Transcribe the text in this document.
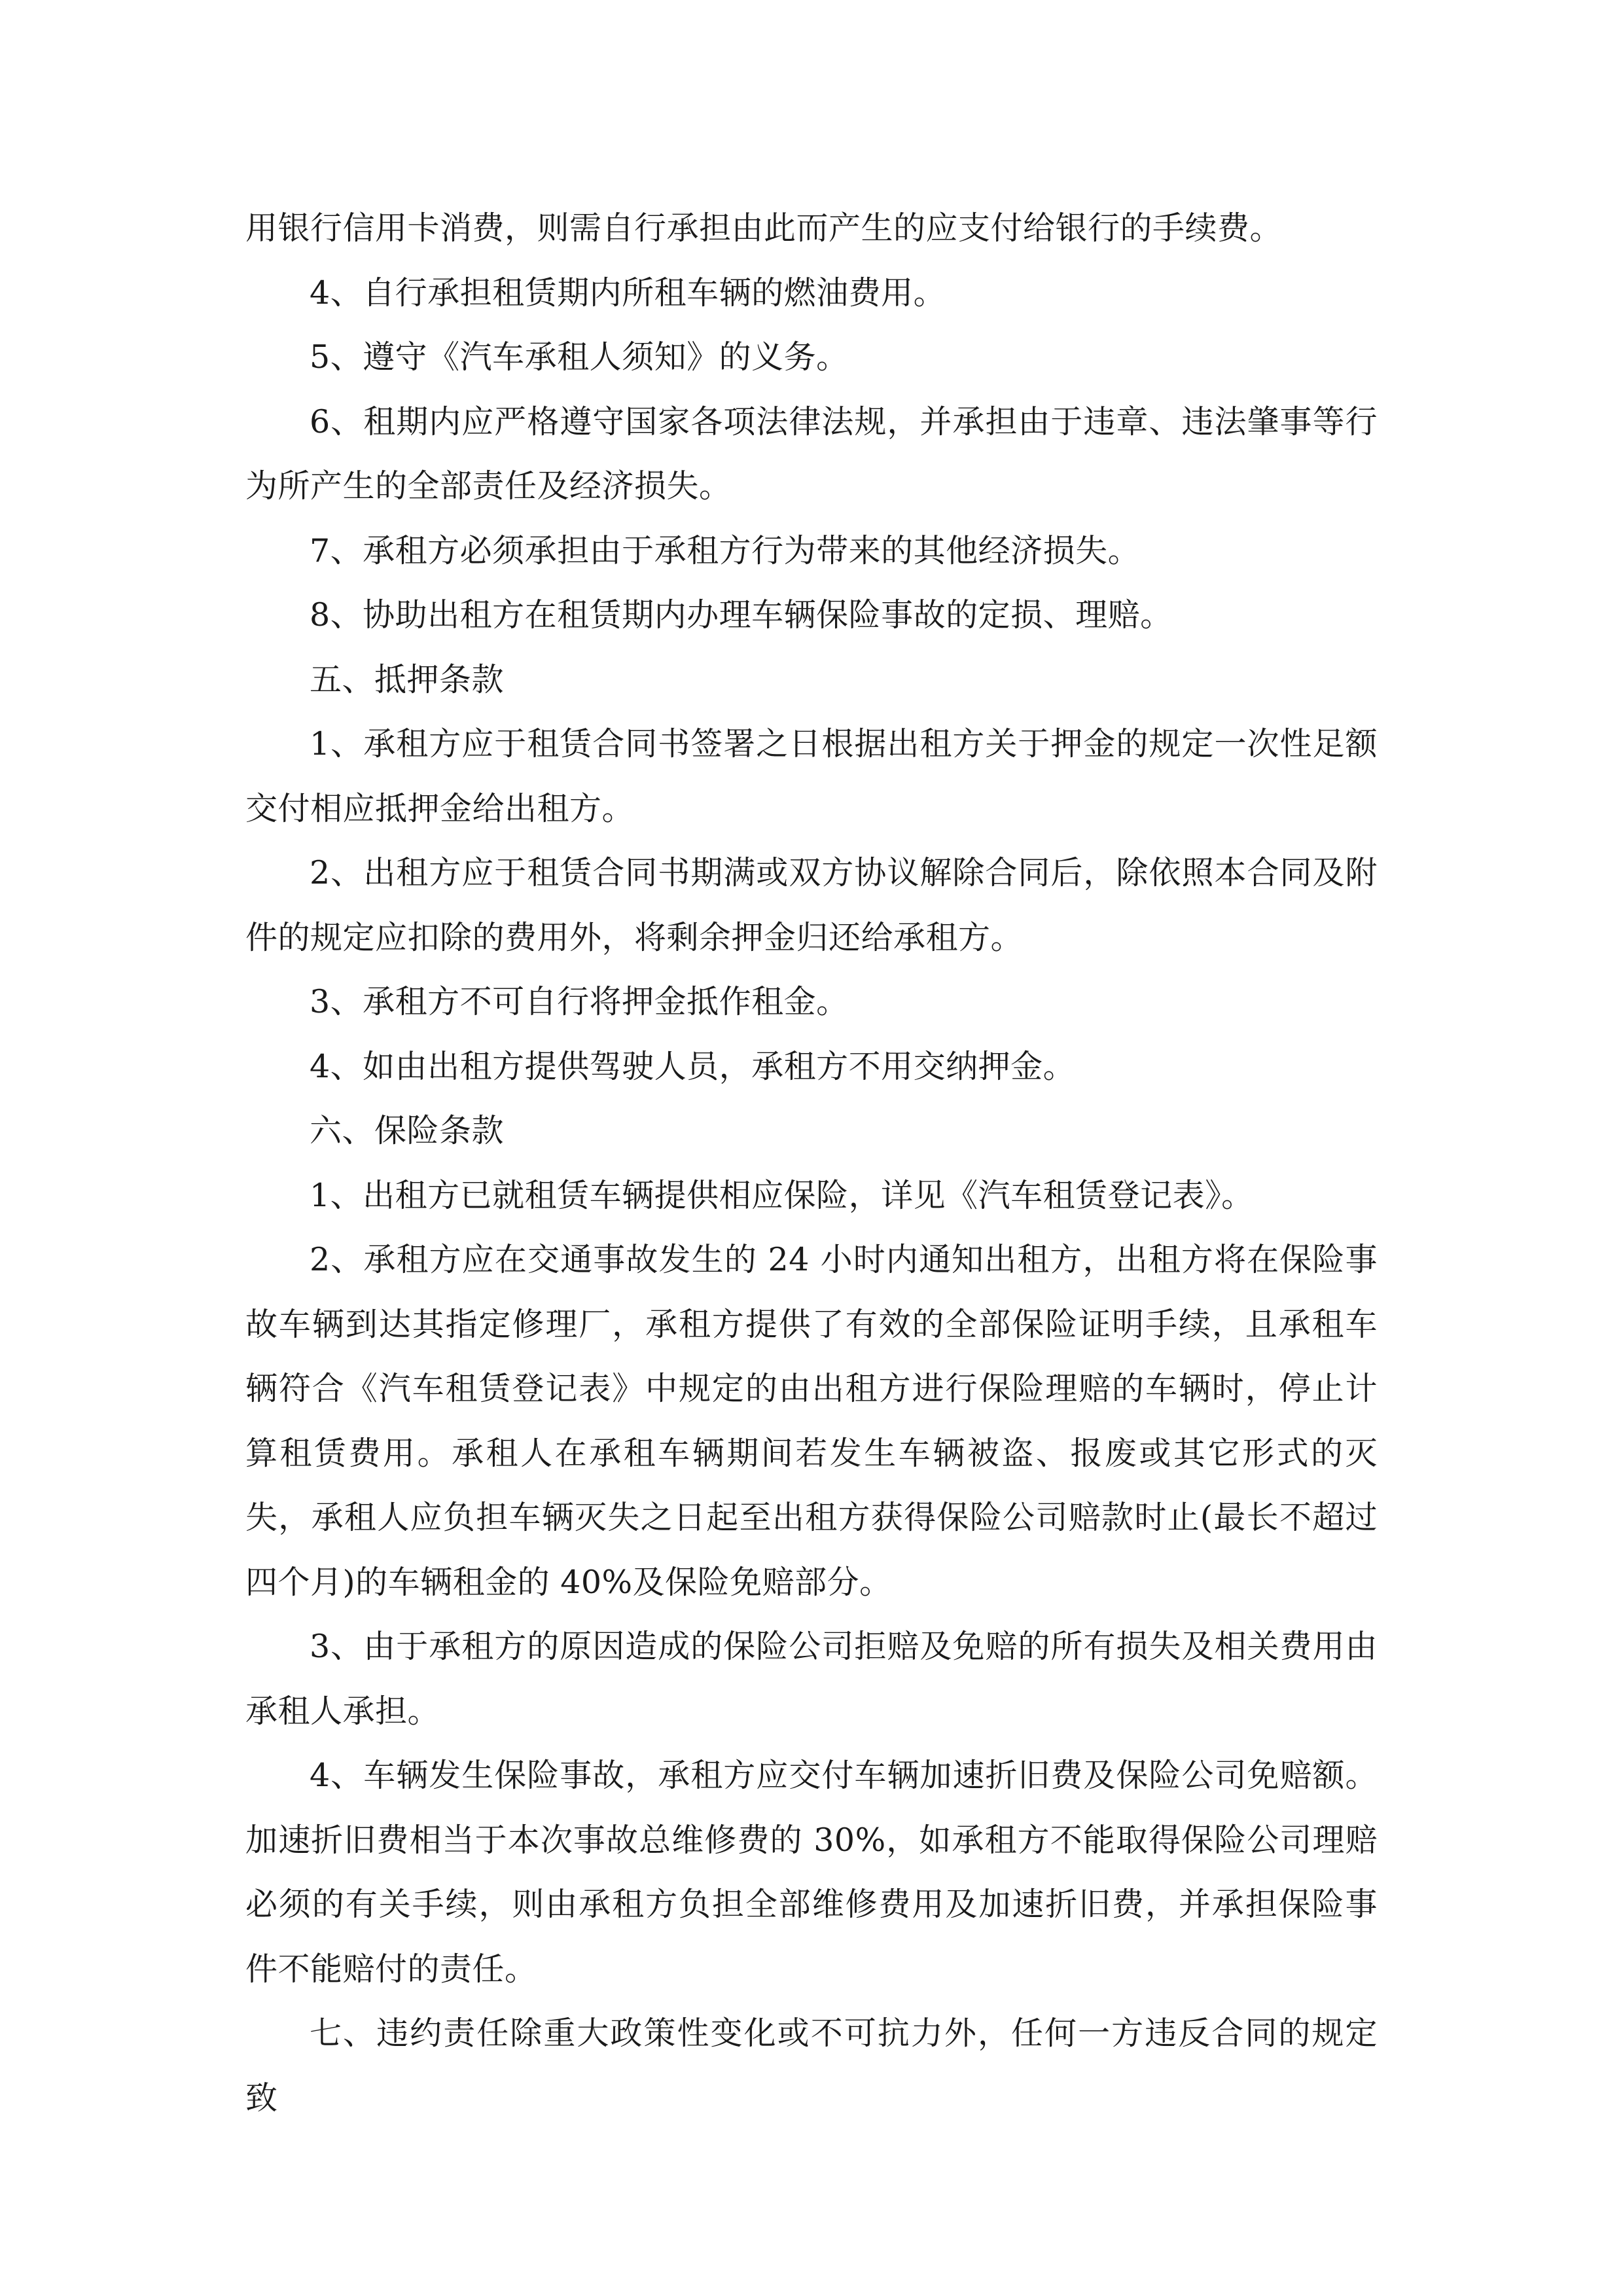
用银行信用卡消费，则需自行承担由此而产生的应支付给银行的手续费。

4、自行承担租赁期内所租车辆的燃油费用。

5、遵守《汽车承租人须知》的义务。

6、租期内应严格遵守国家各项法律法规，并承担由于违章、违法肇事等行为所产生的全部责任及经济损失。

7、承租方必须承担由于承租方行为带来的其他经济损失。

8、协助出租方在租赁期内办理车辆保险事故的定损、理赔。

五、抵押条款

1、承租方应于租赁合同书签署之日根据出租方关于押金的规定一次性足额交付相应抵押金给出租方。

2、出租方应于租赁合同书期满或双方协议解除合同后，除依照本合同及附件的规定应扣除的费用外，将剩余押金归还给承租方。

3、承租方不可自行将押金抵作租金。

4、如由出租方提供驾驶人员，承租方不用交纳押金。

六、保险条款

1、出租方已就租赁车辆提供相应保险，详见《汽车租赁登记表》。

2、承租方应在交通事故发生的 24 小时内通知出租方，出租方将在保险事故车辆到达其指定修理厂，承租方提供了有效的全部保险证明手续，且承租车辆符合《汽车租赁登记表》中规定的由出租方进行保险理赔的车辆时，停止计算租赁费用。承租人在承租车辆期间若发生车辆被盗、报废或其它形式的灭失，承租人应负担车辆灭失之日起至出租方获得保险公司赔款时止(最长不超过四个月)的车辆租金的 40%及保险免赔部分。

3、由于承租方的原因造成的保险公司拒赔及免赔的所有损失及相关费用由承租人承担。

4、车辆发生保险事故，承租方应交付车辆加速折旧费及保险公司免赔额。加速折旧费相当于本次事故总维修费的 30%，如承租方不能取得保险公司理赔必须的有关手续，则由承租方负担全部维修费用及加速折旧费，并承担保险事件不能赔付的责任。

七、违约责任除重大政策性变化或不可抗力外，任何一方违反合同的规定致
